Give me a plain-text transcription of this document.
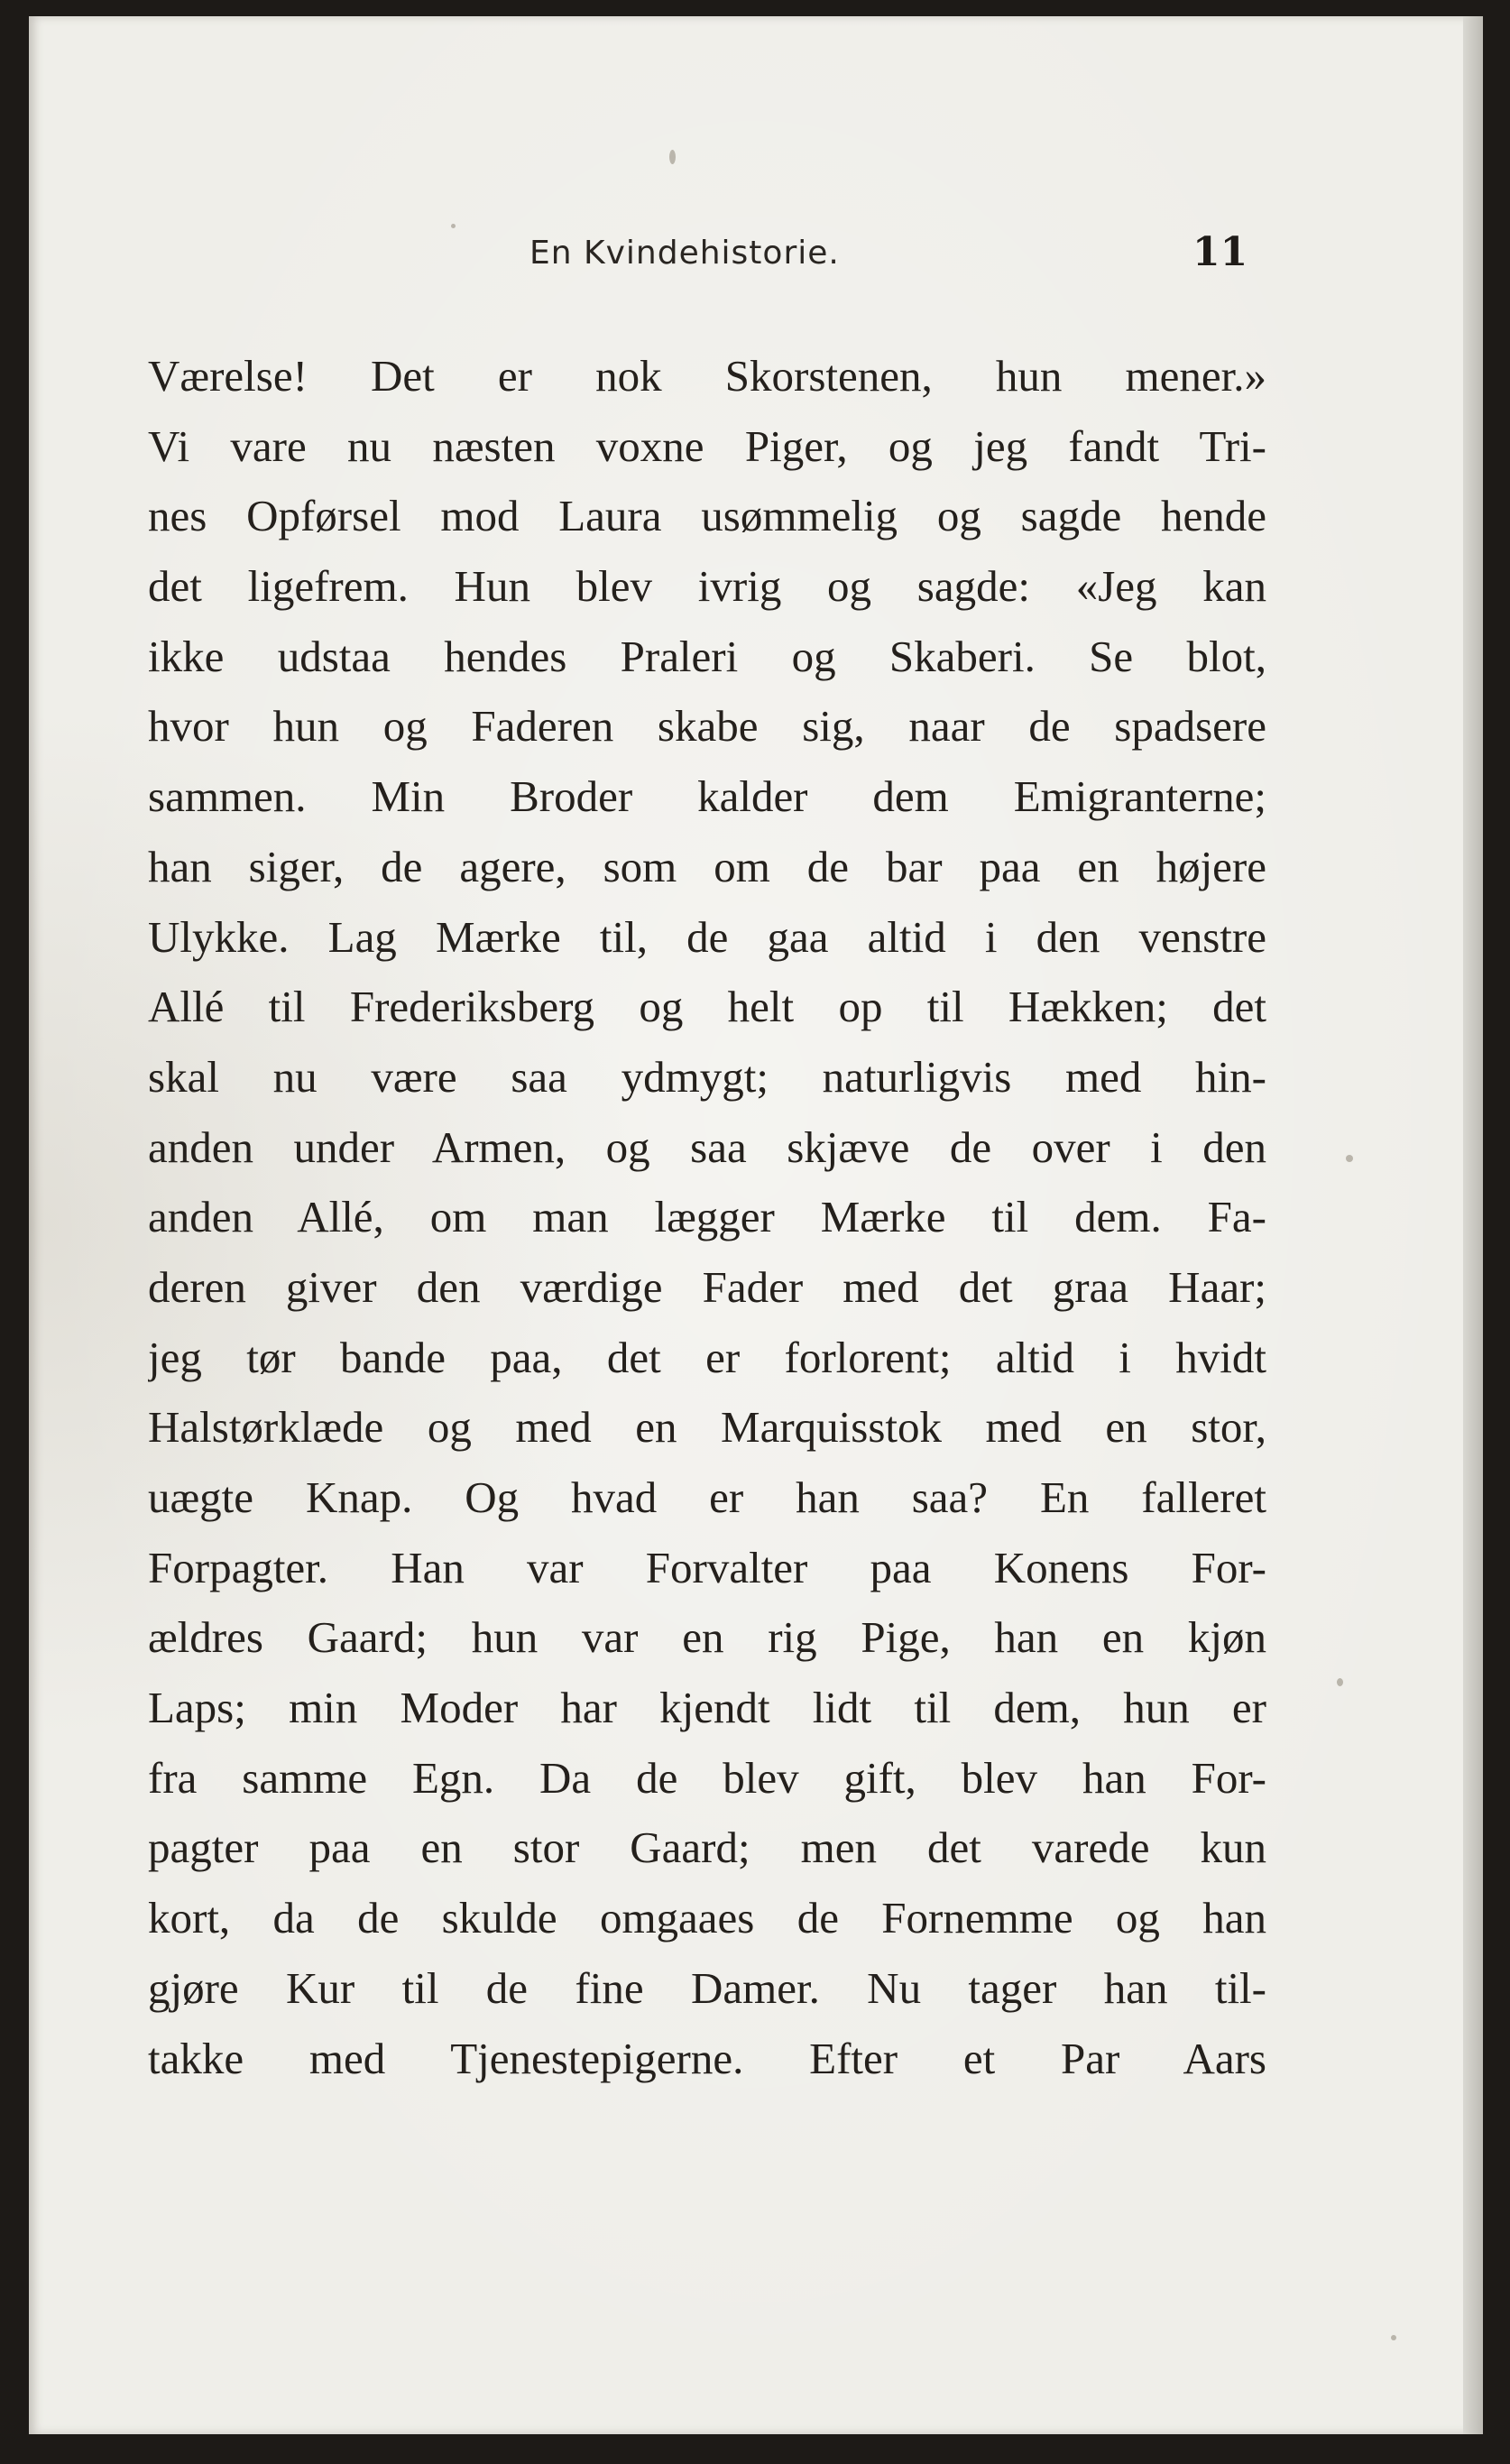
En Kvindehistorie.	11
Værelse! Det er nok Skorstenen, hun mener.»
Vi vare nu næsten voxne Piger, og jeg fandt Tri-
nes Opførsel mod Laura usømmelig og sagde hende
det ligefrem. Hun blev ivrig og sagde: «Jeg kan
ikke udstaa hendes Praleri og Skaberi. Se blot,
hvor hun og Faderen skabe sig, naar de spadsere
sammen. Min Broder kalder dem Emigranterne;
han siger, de agere, som om de bar paa en højere
Ulykke. Lag Mærke til, de gaa altid i den venstre
Allé til Frederiksberg og helt op til Hækken; det
skal nu være saa ydmygt; naturligvis med hin-
anden under Armen, og saa skjæve de over i den
anden Allé, om man lægger Mærke til dem. Fa-
deren giver den værdige Fader med det graa Haar;
jeg tør bande paa, det er forlorent; altid i hvidt
Halstørklæde og med en Marquisstok med en stor,
uægte Knap. Og hvad er han saa? En falleret
Forpagter. Han var Forvalter paa Konens For-
ældres Gaard; hun var en rig Pige, han en kjøn
Laps; min Moder har kjendt lidt til dem, hun er
fra samme Egn. Da de blev gift, blev han For-
pagter paa en stor Gaard; men det varede kun
kort, da de skulde omgaaes de Fornemme og han
gjøre Kur til de fine Damer. Nu tager han til-
takke med Tjenestepigerne. Efter et Par Aars
